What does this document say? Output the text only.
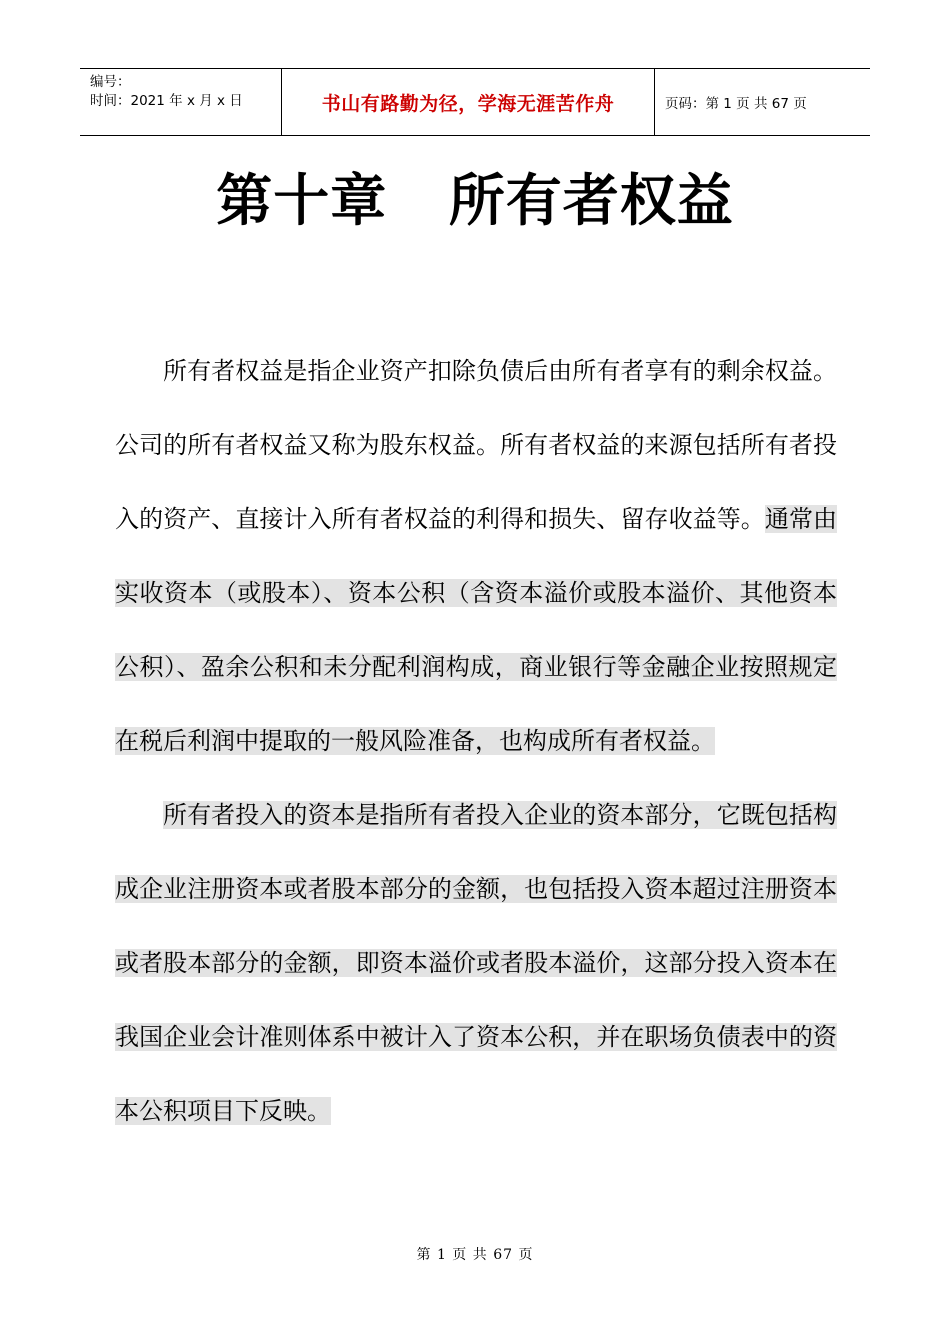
编号：
时间：2021 年 x 月 x 日	书山有路勤为径，学海无涯苦作舟	页码：第 1 页 共 67 页
第十章   所有者权益

所有者权益是指企业资产扣除负债后由所有者享有的剩余权益。公司的所有者权益又称为股东权益。所有者权益的来源包括所有者投入的资产、直接计入所有者权益的利得和损失、留存收益等。通常由实收资本（或股本）、资本公积（含资本溢价或股本溢价、其他资本公积）、盈余公积和未分配利润构成，商业银行等金融企业按照规定在税后利润中提取的一般风险准备，也构成所有者权益。

所有者投入的资本是指所有者投入企业的资本部分，它既包括构成企业注册资本或者股本部分的金额，也包括投入资本超过注册资本或者股本部分的金额，即资本溢价或者股本溢价，这部分投入资本在我国企业会计准则体系中被计入了资本公积，并在职场负债表中的资本公积项目下反映。

第 1 页 共 67 页
